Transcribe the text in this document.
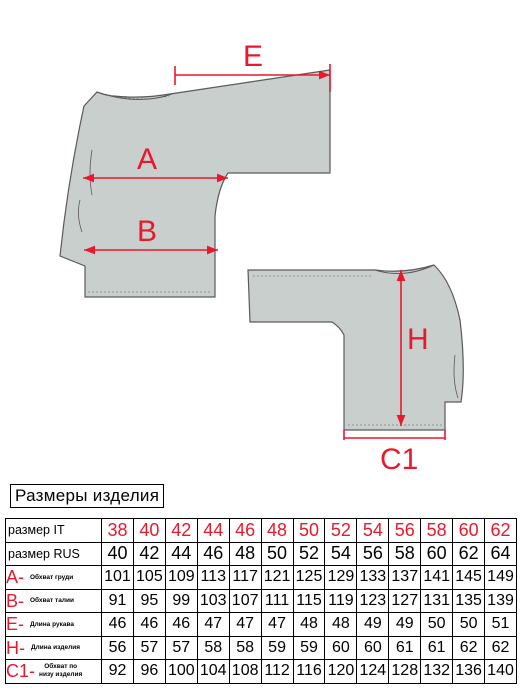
E
A
B
H
C1
Размеры изделия
размер IT	38	40	42	44	46	48	50	52	54	56	58	60	62
размер RUS	40	42	44	46	48	50	52	54	56	58	60	62	64
A- Обхват груди	101	105	109	113	117	121	125	129	133	137	141	145	149
B- Обхват талии	91	95	99	103	107	111	115	119	123	127	131	135	139
E- Длина рукава	46	46	46	47	47	47	48	48	49	49	50	50	51
H- Длина изделия	56	57	57	58	58	59	59	60	60	61	61	62	62
C1- Обхват по
низу изделия	92	96	100	104	108	112	116	120	124	128	132	136	140
